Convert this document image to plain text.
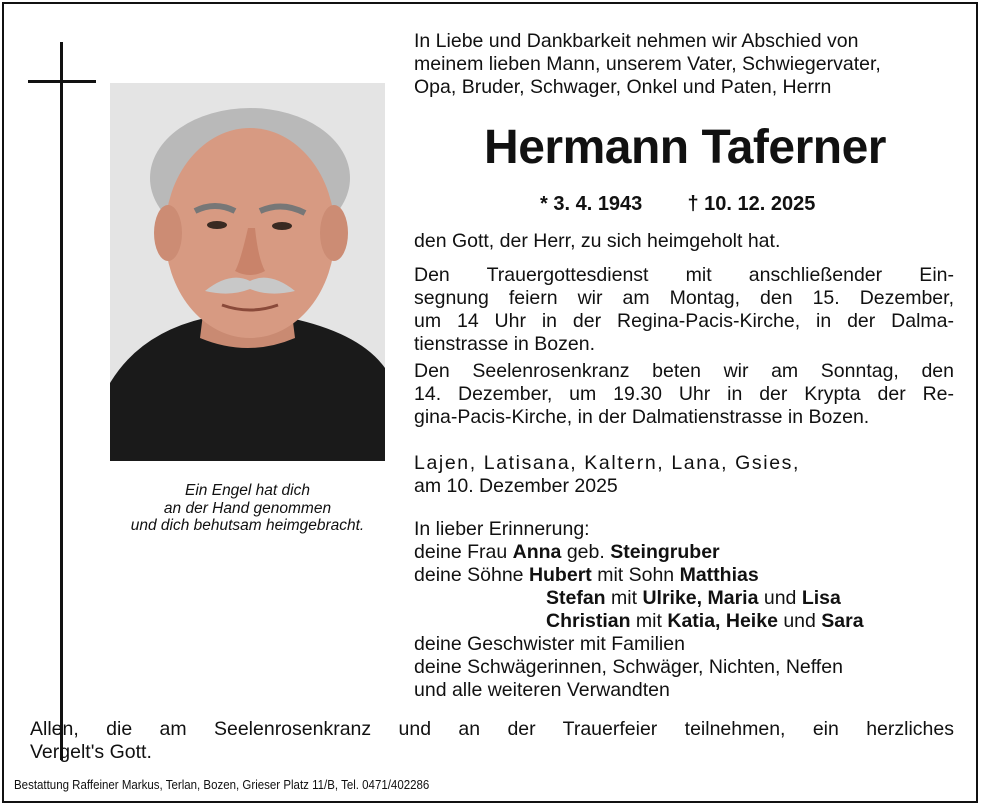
Ein Engel hat dich
an der Hand genommen
und dich behutsam heimgebracht.
In Liebe und Dankbarkeit nehmen wir Abschied von
meinem lieben Mann, unserem Vater, Schwiegervater,
Opa, Bruder, Schwager, Onkel und Paten, Herrn
Hermann Taferner
* 3. 4. 1943 † 10. 12. 2025
den Gott, der Herr, zu sich heimgeholt hat.
Den Trauergottesdienst mit anschließender Ein-
segnung feiern wir am Montag, den 15. Dezember,
um 14 Uhr in der Regina-Pacis-Kirche, in der Dalma-
tienstrasse in Bozen.
Den Seelenrosenkranz beten wir am Sonntag, den
14. Dezember, um 19.30 Uhr in der Krypta der Re-
gina-Pacis-Kirche, in der Dalmatienstrasse in Bozen.
Lajen, Latisana, Kaltern, Lana, Gsies,
am 10. Dezember 2025
In lieber Erinnerung:
deine Frau Anna geb. Steingruber
deine Söhne Hubert mit Sohn Matthias
Stefan mit Ulrike, Maria und Lisa
Christian mit Katia, Heike und Sara
deine Geschwister mit Familien
deine Schwägerinnen, Schwäger, Nichten, Neffen
und alle weiteren Verwandten
Allen, die am Seelenrosenkranz und an der Trauerfeier teilnehmen, ein herzliches
Vergelt's Gott.
Bestattung Raffeiner Markus, Terlan, Bozen, Grieser Platz 11/B, Tel. 0471/402286
